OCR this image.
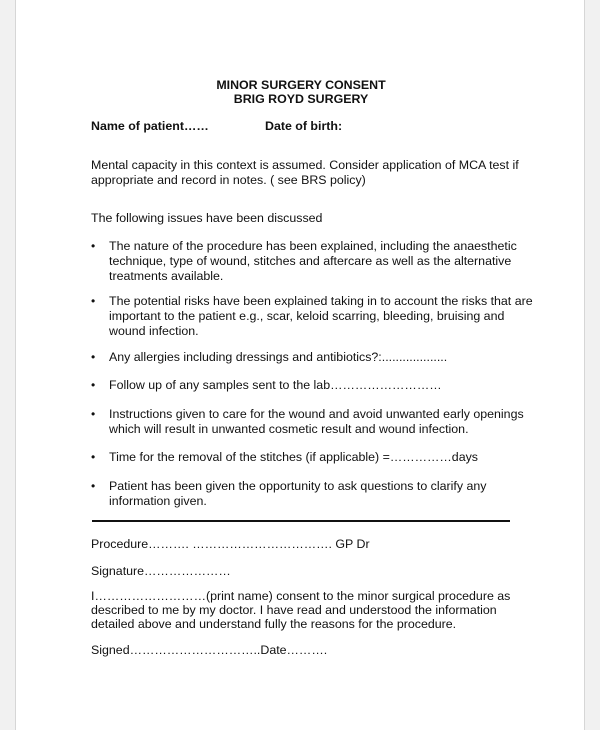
MINOR SURGERY CONSENT
BRIG ROYD SURGERY
Name of patient……	Date of birth:
Mental capacity in this context is assumed. Consider application of MCA test if
appropriate and record in notes. ( see BRS policy)
The following issues have been discussed
• The nature of the procedure has been explained, including the anaesthetic
technique, type of wound, stitches and aftercare as well as the alternative
treatments available.
• The potential risks have been explained taking in to account the risks that are
important to the patient e.g., scar, keloid scarring, bleeding, bruising and
wound infection.
• Any allergies including dressings and antibiotics?:...................
• Follow up of any samples sent to the lab………………………
• Instructions given to care for the wound and avoid unwanted early openings
which will result in unwanted cosmetic result and wound infection.
• Time for the removal of the stitches (if applicable) =……………days
• Patient has been given the opportunity to ask questions to clarify any
information given.
Procedure………. ……………………………. GP Dr
Signature…………………
I………………………(print name) consent to the minor surgical procedure as
described to me by my doctor. I have read and understood the information
detailed above and understand fully the reasons for the procedure.
Signed…………………………..Date……….
